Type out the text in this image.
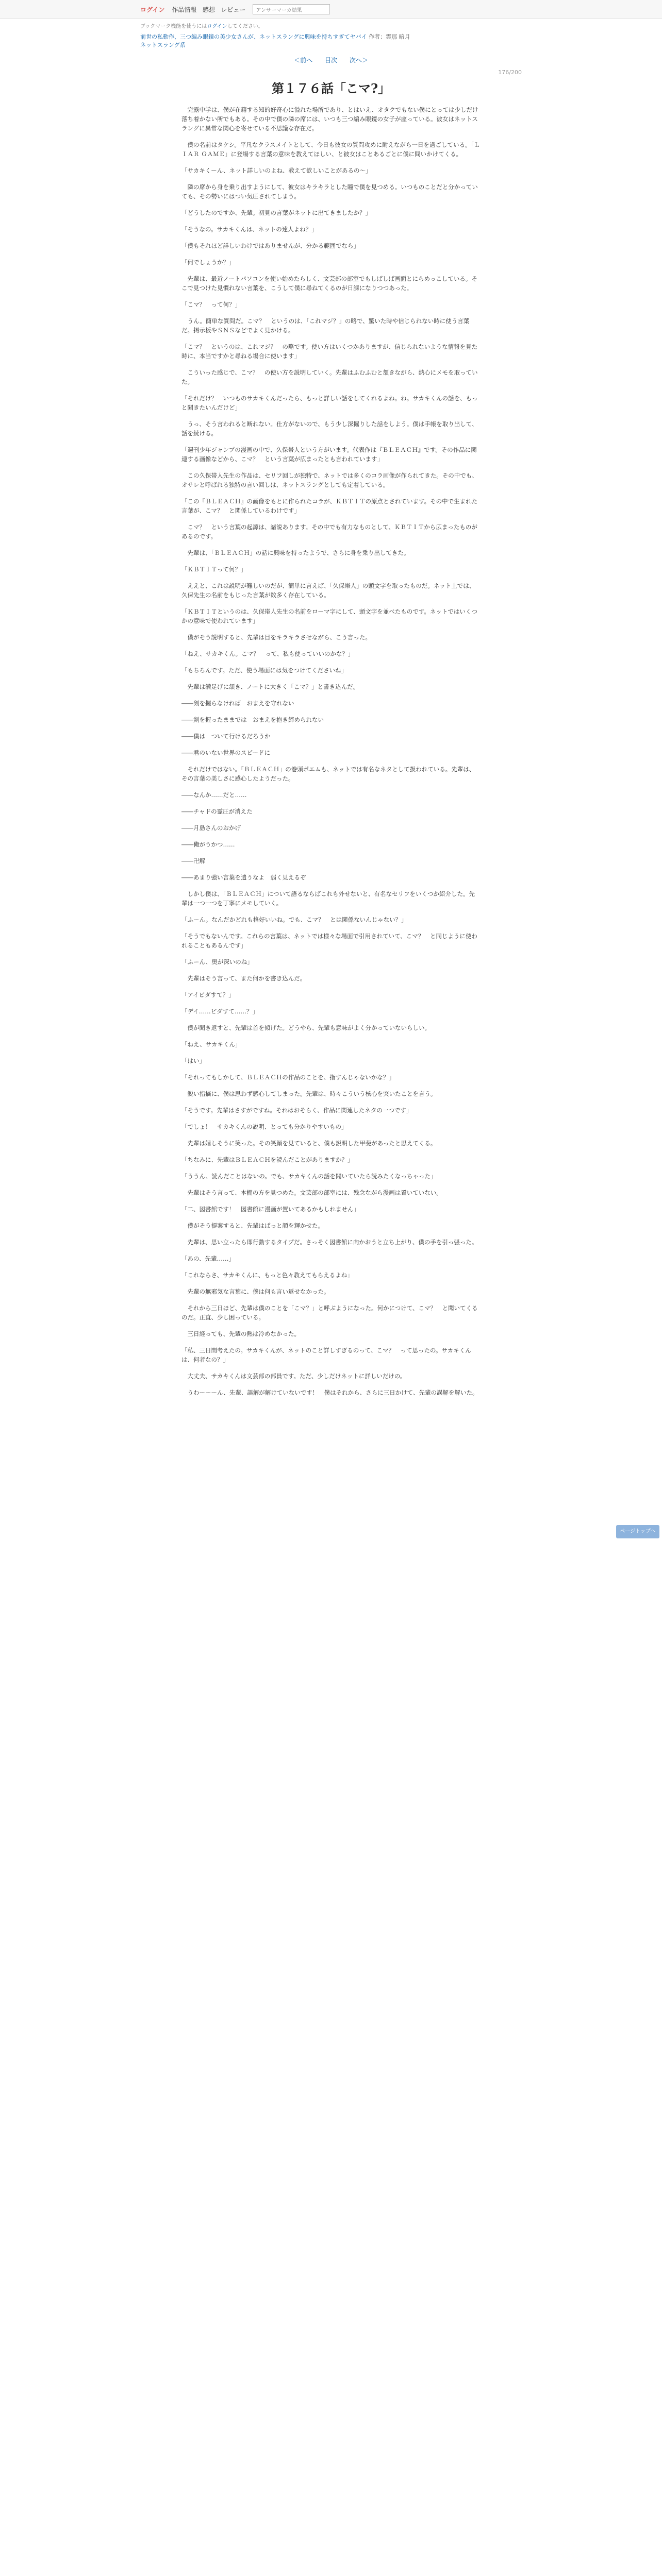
ログイン 作品情報 感想 レビュー	アンサーマーカ結果
ブックマーク機能を使うにはログインしてください。
前世の私動作、三つ編み眼鏡の美少女さんが、ネットスラングに興味を持ちすぎてヤバイ 作者：霊那 暗月
ネットスラング系
＜前へ 目次 次へ＞
176/200
第１７６話「こマ?」

　完露中学は、僕が在籍する知的好奇心に溢れた場所であり、とはいえ、オタクでもない僕にとっては少しだけ落ち着かない所でもある。その中で僕の隣の席には、いつも三つ編み眼鏡の女子が座っている。彼女はネットスラングに異常な関心を寄せている不思議な存在だ。

　僕の名前はタケシ。平凡なクラスメイトとして、今日も彼女の質問攻めに耐えながら一日を過ごしている。「ＬＩＡＲ ＧＡＭＥ」に登場する言葉の意味を教えてほしい、と彼女はことあるごとに僕に問いかけてくる。

「サカキくーん、ネット詳しいのよね、教えて欲しいことがあるの～」

　隣の席から身を乗り出すようにして、彼女はキラキラとした瞳で僕を見つめる。いつものことだと分かっていても、その勢いにはつい気圧されてしまう。

「どうしたのですか、先輩。初見の言葉がネットに出てきましたか？」

「そうなの。サカキくんは、ネットの達人よね？」

「僕もそれほど詳しいわけではありませんが、分かる範囲でなら」

「何でしょうか？」

　先輩は、最近ノートパソコンを使い始めたらしく、文芸部の部室でもしばしば画面とにらめっこしている。そこで見つけた見慣れない言葉を、こうして僕に尋ねてくるのが日課になりつつあった。

「こマ？　って何？」

　うん。簡単な質問だ。こマ？　というのは、「これマジ？」の略で、驚いた時や信じられない時に使う言葉だ。掲示板やＳＮＳなどでよく見かける。

「こマ？　というのは、これマジ？　の略です。使い方はいくつかありますが、信じられないような情報を見た時に、本当ですかと尋ねる場合に使います」

　こういった感じで、こマ？　の使い方を説明していく。先輩はふむふむと頷きながら、熱心にメモを取っていた。

「それだけ？　いつものサカキくんだったら、もっと詳しい話をしてくれるよね。ね。サカキくんの話を、もっと聞きたいんだけど」

　うっ、そう言われると断れない。仕方がないので、もう少し深掘りした話をしよう。僕は手帳を取り出して、話を続ける。

「週刊少年ジャンプの漫画の中で、久保帯人という方がいます。代表作は『ＢＬＥＡＣＨ』です。その作品に関連する画像などから、こマ？　という言葉が広まったとも言われています」

　この久保帯人先生の作品は、セリフ回しが独特で、ネットでは多くのコラ画像が作られてきた。その中でも、オサレと呼ばれる独特の言い回しは、ネットスラングとしても定着している。

「この『ＢＬＥＡＣＨ』の画像をもとに作られたコラが、ＫＢＴＩＴの原点とされています。その中で生まれた言葉が、こマ？　と関係しているわけです」

　こマ？　という言葉の起源は、諸説あります。その中でも有力なものとして、ＫＢＴＩＴから広まったものがあるのです。

　先輩は、「ＢＬＥＡＣＨ」の話に興味を持ったようで、さらに身を乗り出してきた。

「ＫＢＴＩＴって何？」

　ええと、これは説明が難しいのだが、簡単に言えば、「久保帯人」の頭文字を取ったものだ。ネット上では、久保先生の名前をもじった言葉が数多く存在している。

「ＫＢＴＩＴというのは、久保帯人先生の名前をローマ字にして、頭文字を並べたものです。ネットではいくつかの意味で使われています」

　僕がそう説明すると、先輩は目をキラキラさせながら、こう言った。

「ねえ、サカキくん。こマ？　って、私も使っていいのかな？」

「もちろんです。ただ、使う場面には気をつけてくださいね」

　先輩は満足げに頷き、ノートに大きく「こマ？」と書き込んだ。

――剣を握らなければ　おまえを守れない

――剣を握ったままでは　おまえを抱き締められない

――僕は　ついて行けるだろうか

――君のいない世界のスピードに

　それだけではない。「ＢＬＥＡＣＨ」の巻頭ポエムも、ネットでは有名なネタとして扱われている。先輩は、その言葉の美しさに感心したようだった。

――なんか……だと……

――チャドの霊圧が消えた

――月島さんのおかげ

――俺がうかつ……

――卍解

――あまり強い言葉を遣うなよ　弱く見えるぞ

　しかし僕は、「ＢＬＥＡＣＨ」について語るならばこれも外せないと、有名なセリフをいくつか紹介した。先輩は一つ一つを丁寧にメモしていく。

「ふーん。なんだかどれも格好いいね。でも、こマ？　とは関係ないんじゃない？」

「そうでもないんです。これらの言葉は、ネットでは様々な場面で引用されていて、こマ？　と同じように使われることもあるんです」

「ふーん、奥が深いのね」

　先輩はそう言って、また何かを書き込んだ。

「アイビダすて？」

「デイ……ビダすて……？」

　僕が聞き返すと、先輩は首を傾げた。どうやら、先輩も意味がよく分かっていないらしい。

「ねえ、サカキくん」

「はい」

「それってもしかして、ＢＬＥＡＣＨの作品のことを、指すんじゃないかな？」

　鋭い指摘に、僕は思わず感心してしまった。先輩は、時々こういう核心を突いたことを言う。

「そうです。先輩はさすがですね。それはおそらく、作品に関連したネタの一つです」

「でしょ！　サカキくんの説明、とっても分かりやすいもの」

　先輩は嬉しそうに笑った。その笑顔を見ていると、僕も説明した甲斐があったと思えてくる。

「ちなみに、先輩はＢＬＥＡＣＨを読んだことがありますか？」

「ううん、読んだことはないの。でも、サカキくんの話を聞いていたら読みたくなっちゃった」

　先輩はそう言って、本棚の方を見つめた。文芸部の部室には、残念ながら漫画は置いていない。

「二、図書館です！　図書館に漫画が置いてあるかもしれません」

　僕がそう提案すると、先輩はぱっと顔を輝かせた。

　先輩は、思い立ったら即行動するタイプだ。さっそく図書館に向かおうと立ち上がり、僕の手を引っ張った。

「あの、先輩……」

「これならさ、サカキくんに、もっと色々教えてもらえるよね」

　先輩の無邪気な言葉に、僕は何も言い返せなかった。

　それから三日ほど、先輩は僕のことを「こマ？」と呼ぶようになった。何かにつけて、こマ？　と聞いてくるのだ。正直、少し困っている。

　三日経っても、先輩の熱は冷めなかった。

「私、三日間考えたの。サカキくんが、ネットのこと詳しすぎるのって、こマ？　って思ったの。サカキくんは、何者なの？」

　大丈夫、サカキくんは文芸部の部員です。ただ、少しだけネットに詳しいだけの。

　うわーーーん、先輩、誤解が解けていないです！　僕はそれから、さらに三日かけて、先輩の誤解を解いた。

ページトップへ
